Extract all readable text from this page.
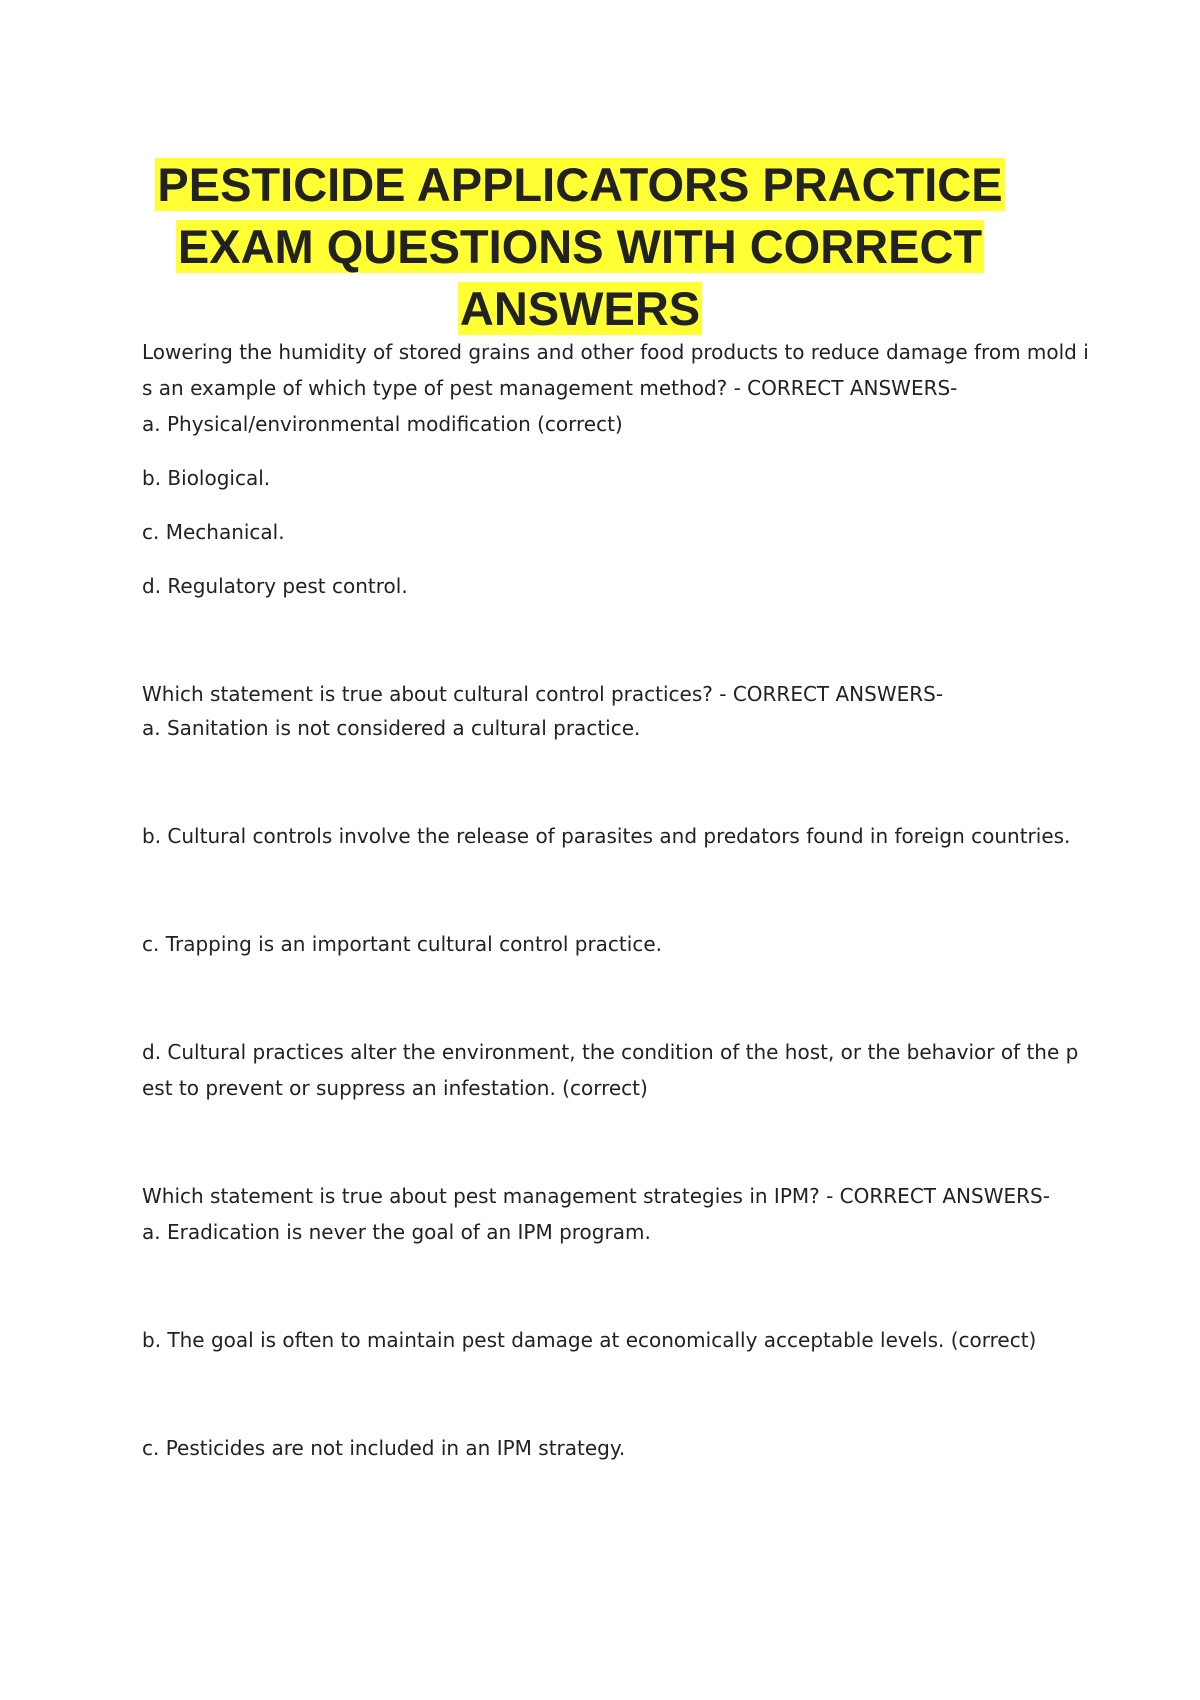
PESTICIDE APPLICATORS PRACTICE
EXAM QUESTIONS WITH CORRECT
ANSWERS

Lowering the humidity of stored grains and other food products to reduce damage from mold i

s an example of which type of pest management method? - CORRECT ANSWERS-

a. Physical/environmental modification (correct)

b. Biological.

c. Mechanical.

d. Regulatory pest control.

Which statement is true about cultural control practices? - CORRECT ANSWERS-

a. Sanitation is not considered a cultural practice.

b. Cultural controls involve the release of parasites and predators found in foreign countries.

c. Trapping is an important cultural control practice.

d. Cultural practices alter the environment, the condition of the host, or the behavior of the p

est to prevent or suppress an infestation. (correct)

Which statement is true about pest management strategies in IPM? - CORRECT ANSWERS-

a. Eradication is never the goal of an IPM program.

b. The goal is often to maintain pest damage at economically acceptable levels. (correct)

c. Pesticides are not included in an IPM strategy.
